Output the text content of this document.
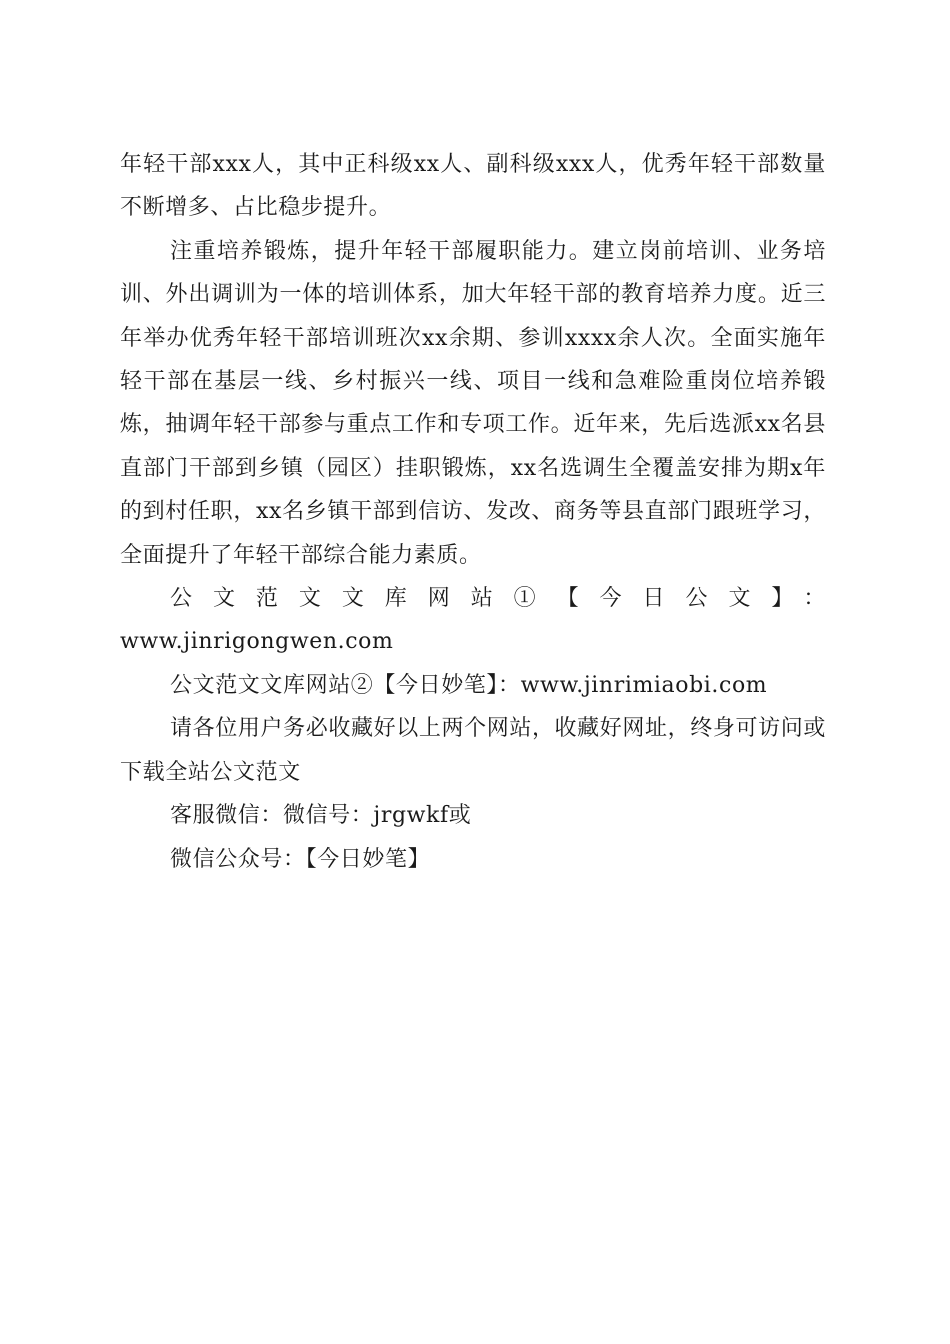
年轻干部xxx人，其中正科级xx人、副科级xxx人，优秀年轻干部数量不断增多、占比稳步提升。

注重培养锻炼，提升年轻干部履职能力。建立岗前培训、业务培训、外出调训为一体的培训体系，加大年轻干部的教育培养力度。近三年举办优秀年轻干部培训班次xx余期、参训xxxx余人次。全面实施年轻干部在基层一线、乡村振兴一线、项目一线和急难险重岗位培养锻炼，抽调年轻干部参与重点工作和专项工作。近年来，先后选派xx名县直部门干部到乡镇（园区）挂职锻炼，xx名选调生全覆盖安排为期x年的到村任职，xx名乡镇干部到信访、发改、商务等县直部门跟班学习，全面提升了年轻干部综合能力素质。

公文范文文库网站①【今日公文】：

www.jinrigongwen.com

公文范文文库网站②【今日妙笔】：www.jinrimiaobi.com

请各位用户务必收藏好以上两个网站，收藏好网址，终身可访问或下载全站公文范文

客服微信：微信号：jrgwkf或

微信公众号：【今日妙笔】
